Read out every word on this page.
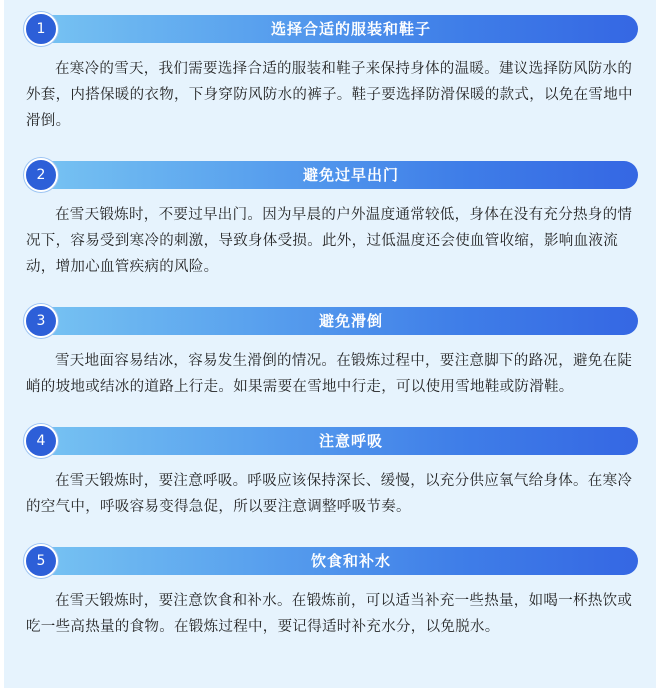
1	选择合适的服装和鞋子

在寒冷的雪天，我们需要选择合适的服装和鞋子来保持身体的温暖。建议选择防风防水的外套，内搭保暖的衣物，下身穿防风防水的裤子。鞋子要选择防滑保暖的款式，以免在雪地中滑倒。

2	避免过早出门

在雪天锻炼时，不要过早出门。因为早晨的户外温度通常较低，身体在没有充分热身的情况下，容易受到寒冷的刺激，导致身体受损。此外，过低温度还会使血管收缩，影响血液流动，增加心血管疾病的风险。

3	避免滑倒

雪天地面容易结冰，容易发生滑倒的情况。在锻炼过程中，要注意脚下的路况，避免在陡峭的坡地或结冰的道路上行走。如果需要在雪地中行走，可以使用雪地鞋或防滑鞋。

4	注意呼吸

在雪天锻炼时，要注意呼吸。呼吸应该保持深长、缓慢，以充分供应氧气给身体。在寒冷的空气中，呼吸容易变得急促，所以要注意调整呼吸节奏。

5	饮食和补水

在雪天锻炼时，要注意饮食和补水。在锻炼前，可以适当补充一些热量，如喝一杯热饮或吃一些高热量的食物。在锻炼过程中，要记得适时补充水分，以免脱水。
